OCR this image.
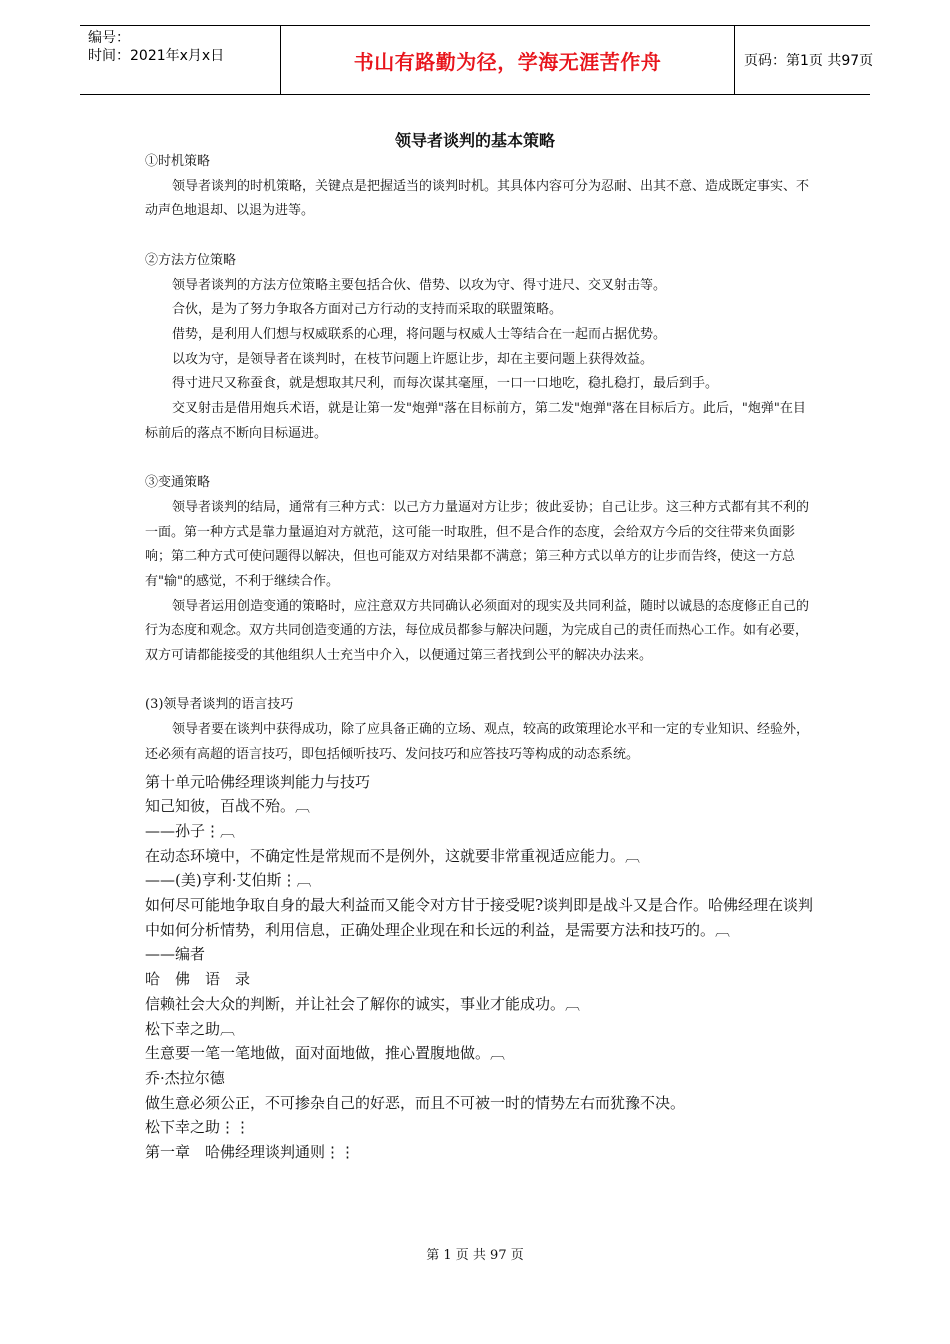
编号：
时间：2021年x月x日	书山有路勤为径，学海无涯苦作舟	页码：第1页 共97页
领导者谈判的基本策略

①时机策略

领导者谈判的时机策略，关键点是把握适当的谈判时机。其具体内容可分为忍耐、出其不意、造成既定事实、不动声色地退却、以退为进等。

②方法方位策略

领导者谈判的方法方位策略主要包括合伙、借势、以攻为守、得寸进尺、交叉射击等。

合伙，是为了努力争取各方面对己方行动的支持而采取的联盟策略。

借势，是利用人们想与权威联系的心理，将问题与权威人士等结合在一起而占据优势。

以攻为守，是领导者在谈判时，在枝节问题上许愿让步，却在主要问题上获得效益。

得寸进尺又称蚕食，就是想取其尺利，而每次谋其毫厘，一口一口地吃，稳扎稳打，最后到手。

交叉射击是借用炮兵术语，就是让第一发"炮弹"落在目标前方，第二发"炮弹"落在目标后方。此后，"炮弹"在目标前后的落点不断向目标逼进。

③变通策略

领导者谈判的结局，通常有三种方式：以己方力量逼对方让步；彼此妥协；自己让步。这三种方式都有其不利的一面。第一种方式是靠力量逼迫对方就范，这可能一时取胜，但不是合作的态度，会给双方今后的交往带来负面影响；第二种方式可使问题得以解决，但也可能双方对结果都不满意；第三种方式以单方的让步而告终，使这一方总有"输"的感觉，不利于继续合作。

领导者运用创造变通的策略时，应注意双方共同确认必须面对的现实及共同利益，随时以诚恳的态度修正自己的行为态度和观念。双方共同创造变通的方法，每位成员都参与解决问题，为完成自己的责任而热心工作。如有必要，双方可请都能接受的其他组织人士充当中介入，以便通过第三者找到公平的解决办法来。

(3)领导者谈判的语言技巧

领导者要在谈判中获得成功，除了应具备正确的立场、观点，较高的政策理论水平和一定的专业知识、经验外，还必须有高超的语言技巧，即包括倾听技巧、发问技巧和应答技巧等构成的动态系统。

第十单元哈佛经理谈判能力与技巧

知己知彼，百战不殆。︹

——孙子⋮︹

在动态环境中，不确定性是常规而不是例外，这就要非常重视适应能力。︹

——(美)亨利·艾伯斯⋮︹

如何尽可能地争取自身的最大利益而又能令对方甘于接受呢?谈判即是战斗又是合作。哈佛经理在谈判中如何分析情势，利用信息，正确处理企业现在和长远的利益，是需要方法和技巧的。︹

——编者

哈　佛　语　录

信赖社会大众的判断，并让社会了解你的诚实，事业才能成功。︹

松下幸之助︹

生意要一笔一笔地做，面对面地做，推心置腹地做。︹

乔·杰拉尔德

做生意必须公正，不可掺杂自己的好恶，而且不可被一时的情势左右而犹豫不决。

松下幸之助⋮⋮

第一章　哈佛经理谈判通则⋮⋮

第 1 页 共 97 页
